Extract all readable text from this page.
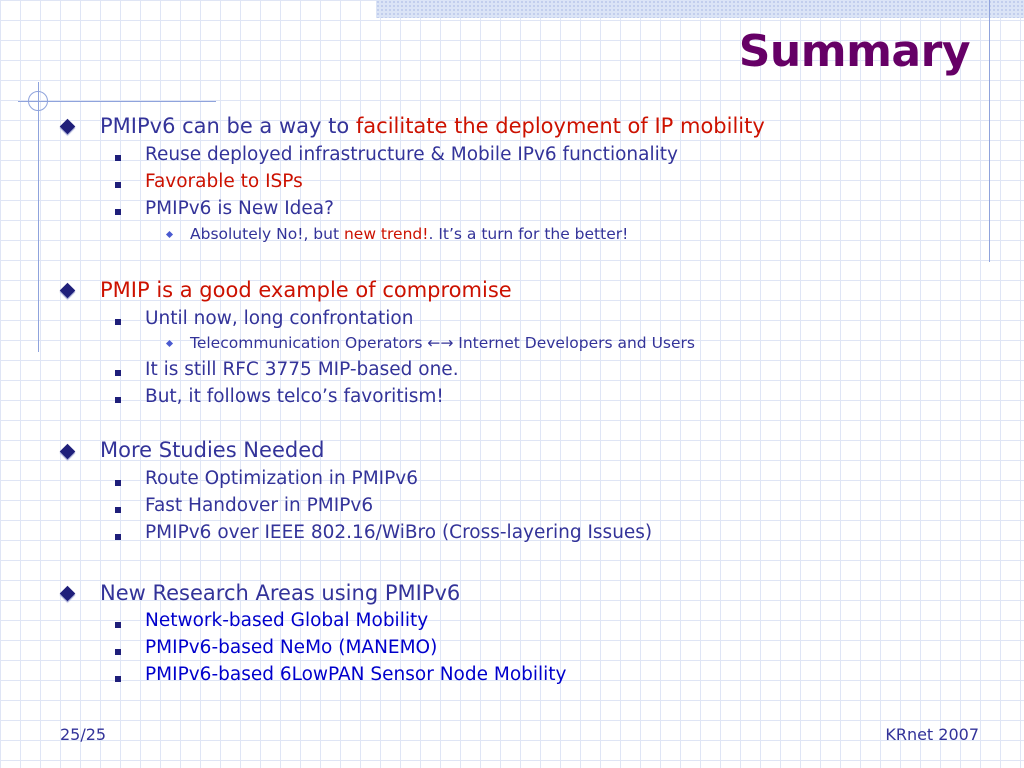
Summary
PMIPv6 can be a way to facilitate the deployment of IP mobility
Reuse deployed infrastructure & Mobile IPv6 functionality
Favorable to ISPs
PMIPv6 is New Idea?
Absolutely No!, but new trend!. It’s a turn for the better!
PMIP is a good example of compromise
Until now, long confrontation
Telecommunication Operators ←→ Internet Developers and Users
It is still RFC 3775 MIP-based one.
But, it follows telco’s favoritism!
More Studies Needed
Route Optimization in PMIPv6
Fast Handover in PMIPv6
PMIPv6 over IEEE 802.16/WiBro (Cross-layering Issues)
New Research Areas using PMIPv6
Network-based Global Mobility
PMIPv6-based NeMo (MANEMO)
PMIPv6-based 6LowPAN Sensor Node Mobility
25/25	KRnet 2007
